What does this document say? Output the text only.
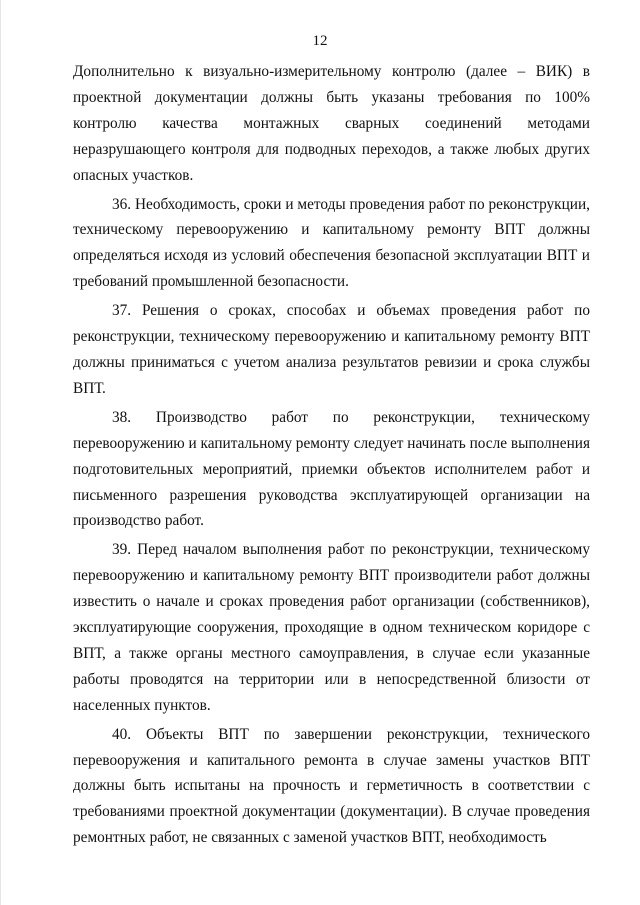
12

Дополнительно к визуально-измерительному контролю (далее – ВИК) в проектной документации должны быть указаны требования по 100% контролю качества монтажных сварных соединений методами неразрушающего контроля для подводных переходов, а также любых других опасных участков.

36. Необходимость, сроки и методы проведения работ по реконструкции, техническому перевооружению и капитальному ремонту ВПТ должны определяться исходя из условий обеспечения безопасной эксплуатации ВПТ и требований промышленной безопасности.

37. Решения о сроках, способах и объемах проведения работ по реконструкции, техническому перевооружению и капитальному ремонту ВПТ должны приниматься с учетом анализа результатов ревизии и срока службы ВПТ.

38. Производство работ по реконструкции, техническому перевооружению и капитальному ремонту следует начинать после выполнения подготовительных мероприятий, приемки объектов исполнителем работ и письменного разрешения руководства эксплуатирующей организации на производство работ.

39. Перед началом выполнения работ по реконструкции, техническому перевооружению и капитальному ремонту ВПТ производители работ должны известить о начале и сроках проведения работ организации (собственников), эксплуатирующие сооружения, проходящие в одном техническом коридоре с ВПТ, а также органы местного самоуправления, в случае если указанные работы проводятся на территории или в непосредственной близости от населенных пунктов.

40. Объекты ВПТ по завершении реконструкции, технического перевооружения и капитального ремонта в случае замены участков ВПТ должны быть испытаны на прочность и герметичность в соответствии с требованиями проектной документации (документации). В случае проведения ремонтных работ, не связанных с заменой участков ВПТ, необходимость
